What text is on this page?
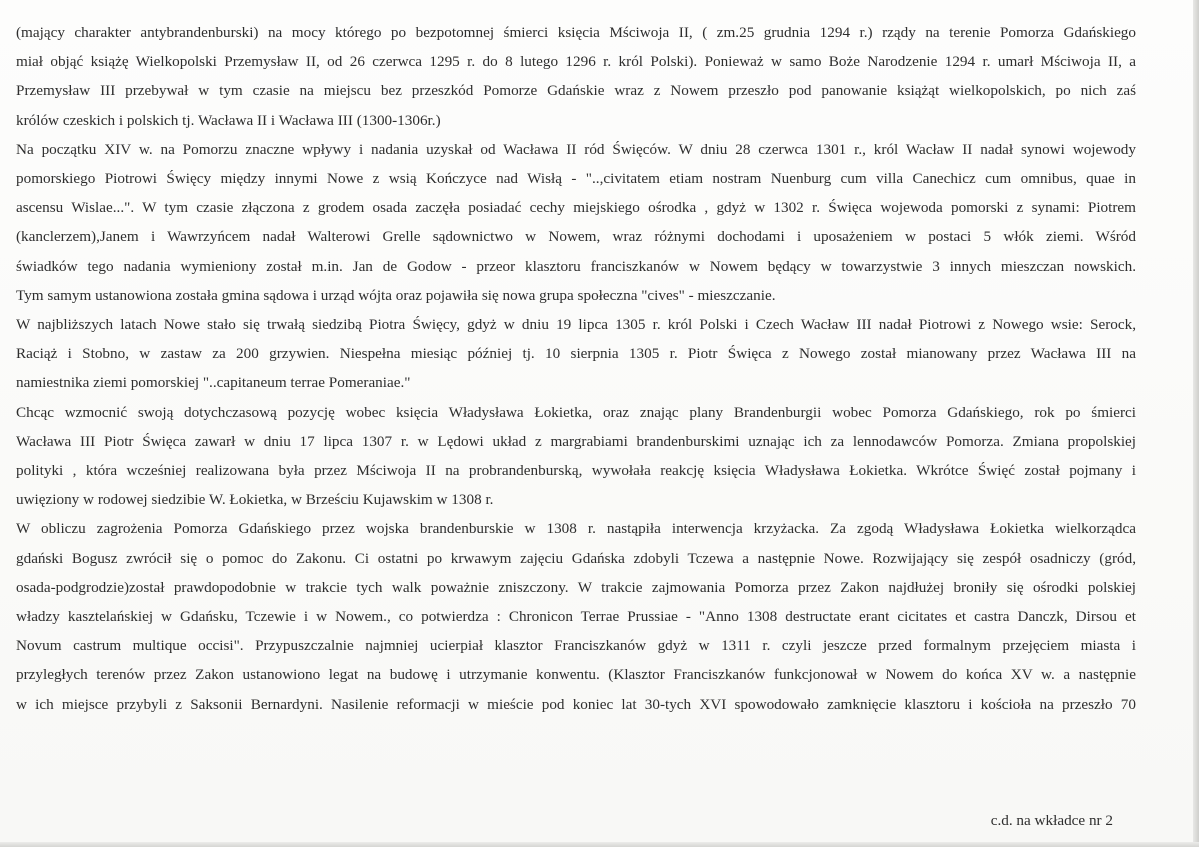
(mający charakter antybrandenburski) na mocy którego po bezpotomnej śmierci księcia Mściwoja II, ( zm.25 grudnia 1294 r.) rządy na terenie Pomorza Gdańskiego
miał objąć książę Wielkopolski Przemysław II, od 26 czerwca 1295 r. do 8 lutego 1296 r. król Polski). Ponieważ w samo Boże Narodzenie 1294 r. umarł Mściwoja II, a
Przemysław III przebywał w tym czasie na miejscu bez przeszkód Pomorze Gdańskie wraz z Nowem przeszło pod panowanie książąt wielkopolskich, po nich zaś
królów czeskich i polskich tj. Wacława II i Wacława III (1300-1306r.)
Na początku XIV w. na Pomorzu znaczne wpływy i nadania uzyskał od Wacława II ród Święców. W dniu 28 czerwca 1301 r., król Wacław II nadał synowi wojewody
pomorskiego Piotrowi Święcy między innymi Nowe z wsią Kończyce nad Wisłą - "..,civitatem etiam nostram Nuenburg cum villa Canechicz cum omnibus, quae in
ascensu Wislae...". W tym czasie złączona z grodem osada zaczęła posiadać cechy miejskiego ośrodka , gdyż w 1302 r. Święca wojewoda pomorski z synami: Piotrem
(kanclerzem),Janem i Wawrzyńcem nadał Walterowi Grelle sądownictwo w Nowem, wraz różnymi dochodami i uposażeniem w postaci 5 włók ziemi. Wśród
świadków tego nadania wymieniony został m.in. Jan de Godow - przeor klasztoru franciszkanów w Nowem będący w towarzystwie 3 innych mieszczan nowskich.
Tym samym ustanowiona została gmina sądowa i urząd wójta oraz pojawiła się nowa grupa społeczna "cives" - mieszczanie.
W najbliższych latach Nowe stało się trwałą siedzibą Piotra Święcy, gdyż w dniu 19 lipca 1305 r. król Polski i Czech Wacław III nadał Piotrowi z Nowego wsie: Serock,
Raciąż i Stobno, w zastaw za 200 grzywien. Niespełna miesiąc później tj. 10 sierpnia 1305 r. Piotr Święca z Nowego został mianowany przez Wacława III na
namiestnika ziemi pomorskiej "..capitaneum terrae Pomeraniae."
Chcąc wzmocnić swoją dotychczasową pozycję wobec księcia Władysława Łokietka, oraz znając plany Brandenburgii wobec Pomorza Gdańskiego, rok po śmierci
Wacława III Piotr Święca zawarł w dniu 17 lipca 1307 r. w Lędowi układ z margrabiami brandenburskimi uznając ich za lennodawców Pomorza. Zmiana propolskiej
polityki , która wcześniej realizowana była przez Mściwoja II na probrandenburską, wywołała reakcję księcia Władysława Łokietka. Wkrótce Święć został pojmany i
uwięziony w rodowej siedzibie W. Łokietka, w Brześciu Kujawskim w 1308 r.
W obliczu zagrożenia Pomorza Gdańskiego przez wojska brandenburskie w 1308 r. nastąpiła interwencja krzyżacka. Za zgodą Władysława Łokietka wielkorządca
gdański Bogusz zwrócił się o pomoc do Zakonu. Ci ostatni po krwawym zajęciu Gdańska zdobyli Tczewa a następnie Nowe. Rozwijający się zespół osadniczy (gród,
osada-podgrodzie)został prawdopodobnie w trakcie tych walk poważnie zniszczony. W trakcie zajmowania Pomorza przez Zakon najdłużej broniły się ośrodki polskiej
władzy kasztelańskiej w Gdańsku, Tczewie i w Nowem., co potwierdza : Chronicon Terrae Prussiae - "Anno 1308 destructate erant cicitates et castra Danczk, Dirsou et
Novum castrum multique occisi". Przypuszczalnie najmniej ucierpiał klasztor Franciszkanów gdyż w 1311 r. czyli jeszcze przed formalnym przejęciem miasta i
przyległych terenów przez Zakon ustanowiono legat na budowę i utrzymanie konwentu. (Klasztor Franciszkanów funkcjonował w Nowem do końca XV w. a następnie
w ich miejsce przybyli z Saksonii Bernardyni. Nasilenie reformacji w mieście pod koniec lat 30-tych XVI spowodowało zamknięcie klasztoru i kościoła na przeszło 70
c.d. na wkładce nr 2
